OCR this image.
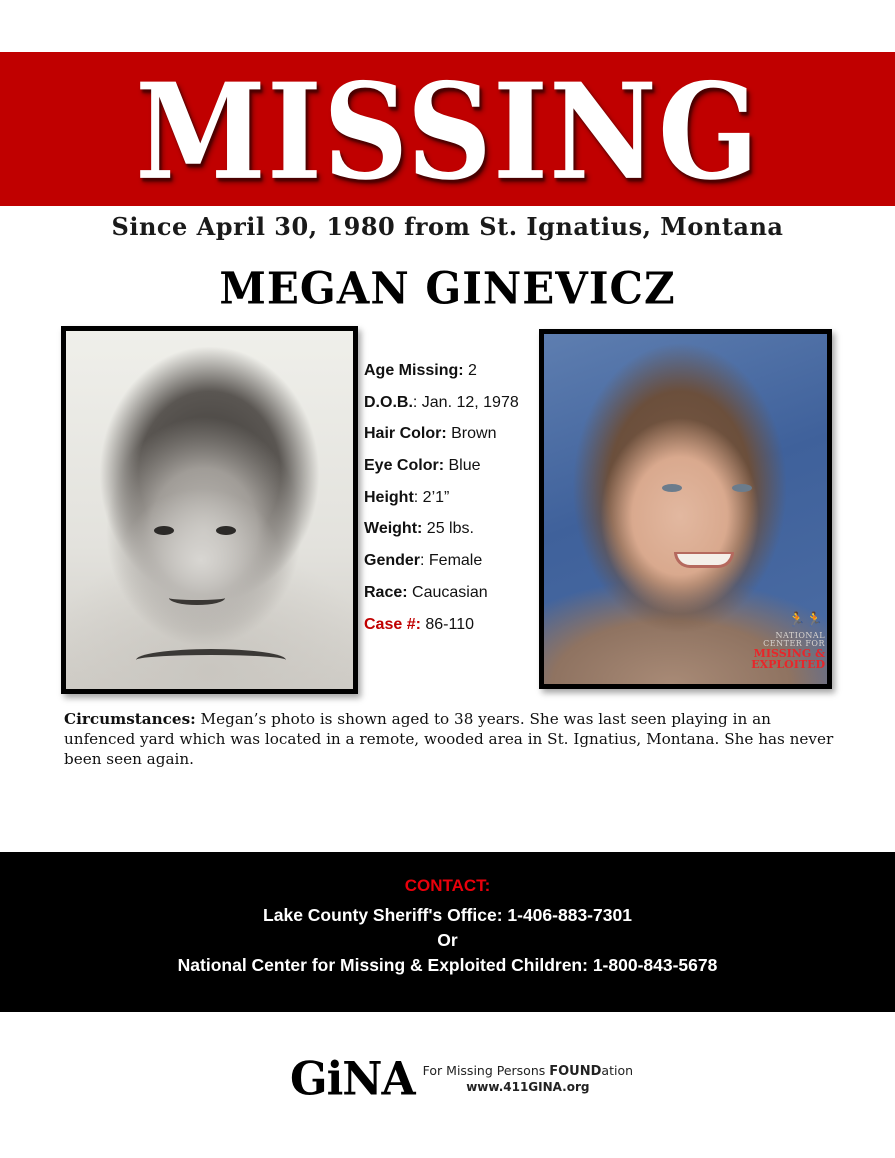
MISSING
Since April 30, 1980 from St. Ignatius, Montana
MEGAN GINEVICZ
Age Missing: 2
D.O.B.: Jan. 12, 1978
Hair Color: Brown
Eye Color: Blue
Height: 2’1”
Weight: 25 lbs.
Gender: Female
Race: Caucasian
Case #: 86-110	🏃🏃
NATIONAL
CENTER FOR
MISSING &
EXPLOITED
Circumstances: Megan’s photo is shown aged to 38 years. She was last seen playing in an unfenced yard which was located in a remote, wooded area in St. Ignatius, Montana. She has never been seen again.
CONTACT:
Lake County Sheriff's Office: 1-406-883-7301
Or
National Center for Missing & Exploited Children: 1-800-843-5678
GiNA For Missing Persons FOUNDation
www.411GINA.org
